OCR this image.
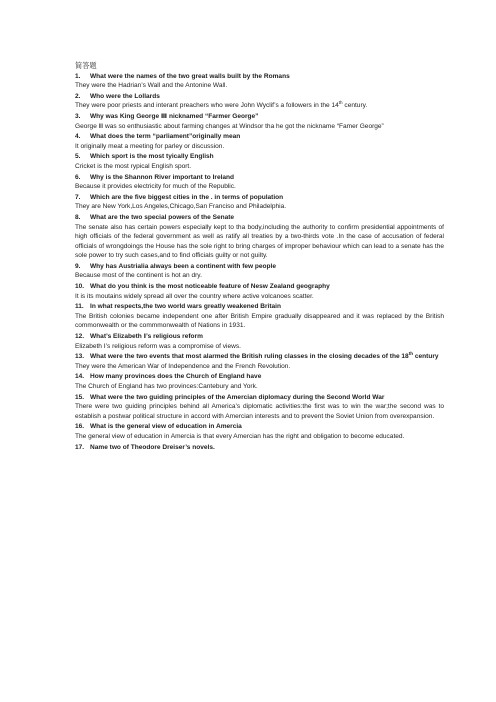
简答题
1.	What were the names of the two great walls built by the Romans
They were the Hadrian’s Wall and the Antonine Wall.
2.	Who were the Lollards
They were poor priests and interant preachers who were John Wyclif’s a followers in the 14th century.
3.	Why was King George Ⅲ nicknamed “Farmer George”
George Ⅲ was so enthusiastic about farming changes at Windsor tha he got the nickname “Famer George”
4.	What does the term “parliament”originally mean
It originally meat a meeting for parley or discussion.
5.	Which sport is the most tyically English
Cricket is the most rypical English sport.
6.	Why is the Shannon River important to Ireland
Because it provides electricity for much of the Republic.
7.	Which are the five biggest cities in the . in terms of population
They are New York,Los Angeles,Chicago,San Franciso and Philadelphia.
8.	What are the two special powers of the Senate
The senate also has certain powers especially kept to tha body,including the authority to confirm presidential appointments of high officials of the federal government as well as ratify all treaties by a two-thirds vote .In the case of accusation of federal officials of wrongdoings the House has the sole right to bring charges of improper behaviour which can lead to a senate has the sole power to try such cases,and to find officials guilty or not guilty.
9.	Why has Austrialia always been a continent with few people
Because most of the continent is hot an dry.
10. What do you think is the most noticeable feature of Nesw Zealand geography
It is its moutains widely spread all over the country where active volcanoes scatter.
11. In what respects,the two world wars greatly weakened Britain
The British colonies became independent one after British Empire gradually disappeared and it was replaced by the British commonwealth or the commmonwealth of Nations in 1931.
12. What’s Elizabeth Ⅰ’s religious reform
Elizabeth Ⅰ’s religious reform was a compromise of views.
13. What were the two events that most alarmed the British ruling classes in the closing decades of the 18th century
They were the American War of Independence and the French Revolution.
14. How many provinces does the Church of England have
The Church of England has two provinces:Cantebury and York.
15. What were the two guiding principles of the Amercian diplomacy during the Second World War
There were two guiding principles behind all America’s diplomatic activities:the first was to win the war;the second was to establish a postwar political structure in accord with Amercian interests and to prevent the Soviet Union from overexpansion.
16. What is the general view of education in Amercia
The general view of education in Amercia is that every Amercian has the right and obligation to become educated.
17. Name two of Theodore Dreiser’s novels.
